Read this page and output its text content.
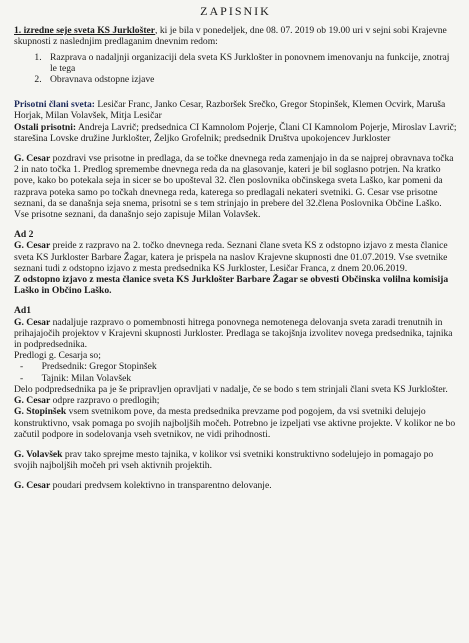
ZAPISNIK

1. izredne seje sveta KS Jurklošter, ki je bila v ponedeljek, dne 08. 07. 2019 ob 19.00 uri v sejni sobi Krajevne skupnosti z naslednjim predlaganim dnevnim redom:

1. Razprava o nadaljnji organizaciji dela sveta KS Jurklošter in ponovnem imenovanju na funkcije, znotraj le tega
2. Obravnava odstopne izjave

Prisotni člani sveta: Lesičar Franc, Janko Cesar, Razboršek Srečko, Gregor Stopinšek, Klemen Ocvirk, Maruša Horjak, Milan Volavšek, Mitja Lesičar

Ostali prisotni: Andreja Lavrič; predsednica CI Kamnolom Pojerje, Člani CI Kamnolom Pojerje, Miroslav Lavrič; starešina Lovske družine Jurklošter, Željko Grofelnik; predsednik Društva upokojencev Jurkloster

G. Cesar pozdravi vse prisotne in predlaga, da se točke dnevnega reda zamenjajo in da se najprej obravnava točka 2 in nato točka 1. Predlog spremembe dnevnega reda da na glasovanje, kateri je bil soglasno potrjen. Na kratko pove, kako bo potekala seja in sicer se bo upošteval 32. člen poslovnika občinskega sveta Laško, kar pomeni da razprava poteka samo po točkah dnevnega reda, katerega so predlagali nekateri svetniki. G. Cesar vse prisotne seznani, da se današnja seja snema, prisotni se s tem strinjajo in prebere del 32.člena Poslovnika Občine Laško.

Vse prisotne seznani, da današnjo sejo zapisuje Milan Volavšek.

Ad 2

G. Cesar preide z razpravo na 2. točko dnevnega reda. Seznani člane sveta KS z odstopno izjavo z mesta članice sveta KS Jurkloster Barbare Žagar, katera je prispela na naslov Krajevne skupnosti dne 01.07.2019. Vse svetnike seznani tudi z odstopno izjavo z mesta predsednika KS Jurkloster, Lesičar Franca, z dnem 20.06.2019.

Z odstopno izjavo z mesta članice sveta KS Jurklošter Barbare Žagar se obvesti Občinska volilna komisija Laško in Občino Laško.

Ad1

G. Cesar nadaljuje razpravo o pomembnosti hitrega ponovnega nemotenega delovanja sveta zaradi trenutnih in prihajajočih projektov v Krajevni skupnosti Jurkloster. Predlaga se takojšnja izvolitev novega predsednika, tajnika in podpredsednika.

Predlogi g. Cesarja so;

- Predsednik: Gregor Stopinšek
- Tajnik: Milan Volavšek

Delo podpredsednika pa je še pripravljen opravljati v nadalje, če se bodo s tem strinjali člani sveta KS Jurklošter.

G. Cesar odpre razpravo o predlogih;

G. Stopinšek vsem svetnikom pove, da mesta predsednika prevzame pod pogojem, da vsi svetniki delujejo konstruktivno, vsak pomaga po svojih najboljših močeh. Potrebno je izpeljati vse aktivne projekte. V kolikor ne bo začutil podpore in sodelovanja vseh svetnikov, ne vidi prihodnosti.

G. Volavšek prav tako sprejme mesto tajnika, v kolikor vsi svetniki konstruktivno sodelujejo in pomagajo po svojih najboljših močeh pri vseh aktivnih projektih.

G. Cesar poudari predvsem kolektivno in transparentno delovanje.
